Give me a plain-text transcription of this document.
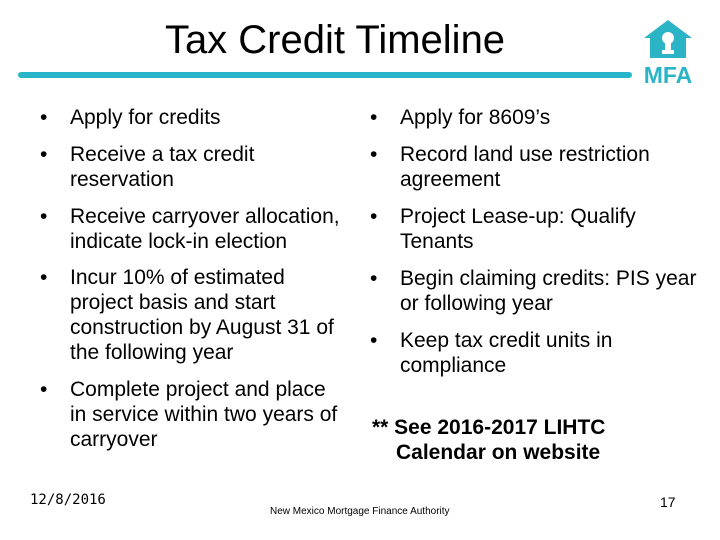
Tax Credit Timeline
MFA
• Apply for credits
• Receive a tax credit reservation
• Receive carryover allocation, indicate lock-in election
• Incur 10% of estimated project basis and start construction by August 31 of the following year
• Complete project and place in service within two years of carryover
• Apply for 8609’s
• Record land use restriction agreement
• Project Lease-up: Qualify Tenants
• Begin claiming credits: PIS year or following year
• Keep tax credit units in compliance
** See 2016-2017 LIHTC
Calendar on website
12/8/2016
New Mexico Mortgage Finance Authority
17
